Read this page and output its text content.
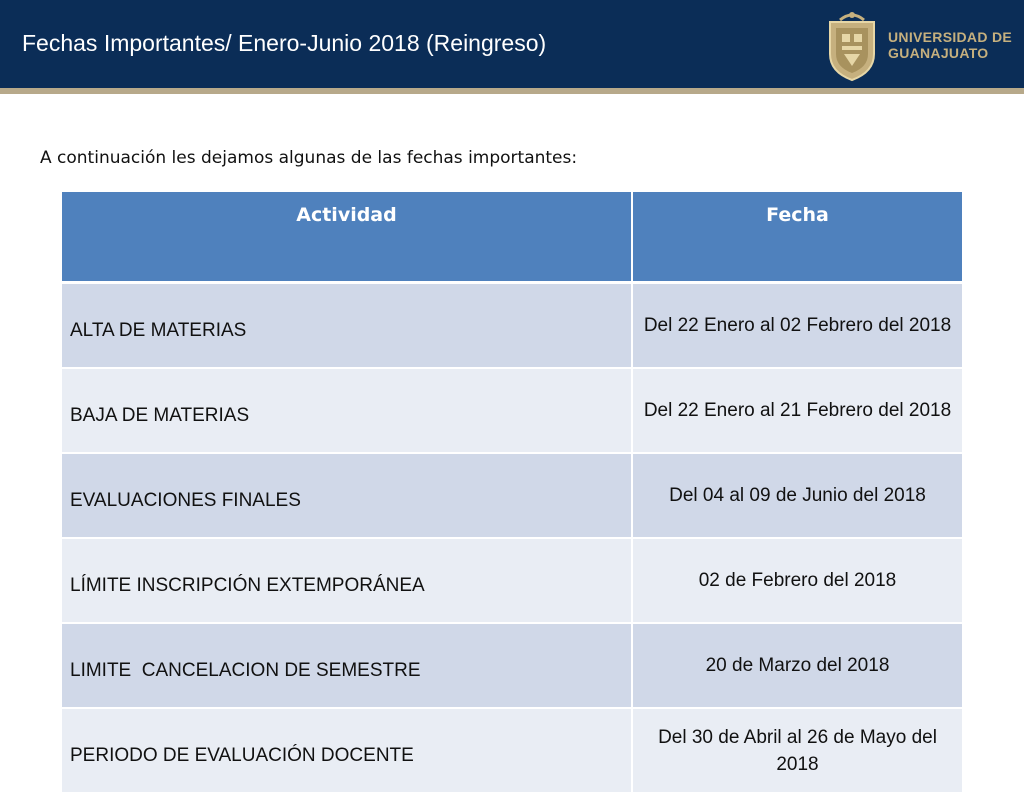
Fechas Importantes/ Enero-Junio 2018 (Reingreso)	UNIVERSIDAD DE
GUANAJUATO
A continuación les dejamos algunas de las fechas importantes:
Actividad	Fecha
ALTA DE MATERIAS	Del 22 Enero al 02 Febrero del 2018
BAJA DE MATERIAS	Del 22 Enero al 21 Febrero del 2018
EVALUACIONES FINALES	Del 04 al 09 de Junio del 2018
LÍMITE INSCRIPCIÓN EXTEMPORÁNEA	02 de Febrero del 2018
LIMITE  CANCELACION DE SEMESTRE	20 de Marzo del 2018
PERIODO DE EVALUACIÓN DOCENTE	Del 30 de Abril al 26 de Mayo del 2018
